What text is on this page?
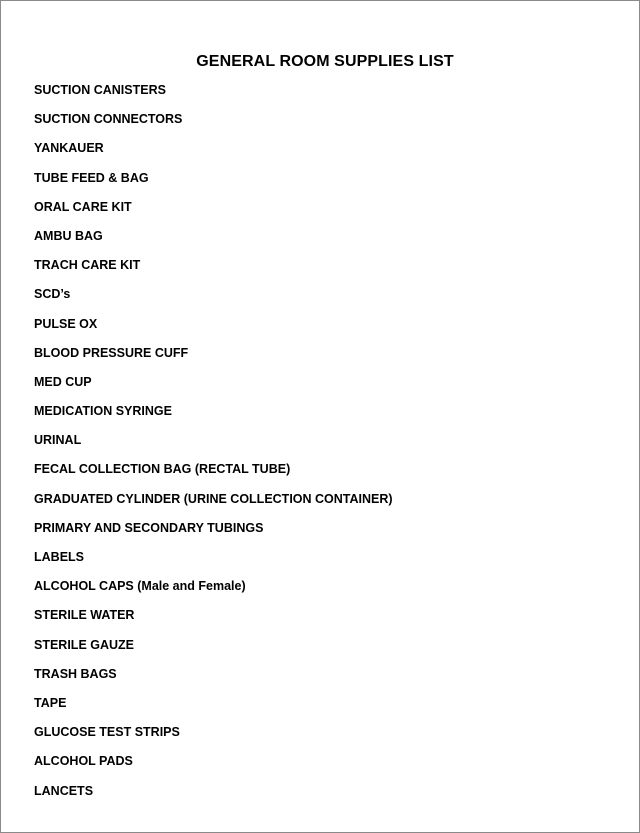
GENERAL ROOM SUPPLIES LIST
SUCTION CANISTERS
SUCTION CONNECTORS
YANKAUER
TUBE FEED & BAG
ORAL CARE KIT
AMBU BAG
TRACH CARE KIT
SCD’s
PULSE OX
BLOOD PRESSURE CUFF
MED CUP
MEDICATION SYRINGE
URINAL
FECAL COLLECTION BAG (RECTAL TUBE)
GRADUATED CYLINDER (URINE COLLECTION CONTAINER)
PRIMARY AND SECONDARY TUBINGS
LABELS
ALCOHOL CAPS (Male and Female)
STERILE WATER
STERILE GAUZE
TRASH BAGS
TAPE
GLUCOSE TEST STRIPS
ALCOHOL PADS
LANCETS
